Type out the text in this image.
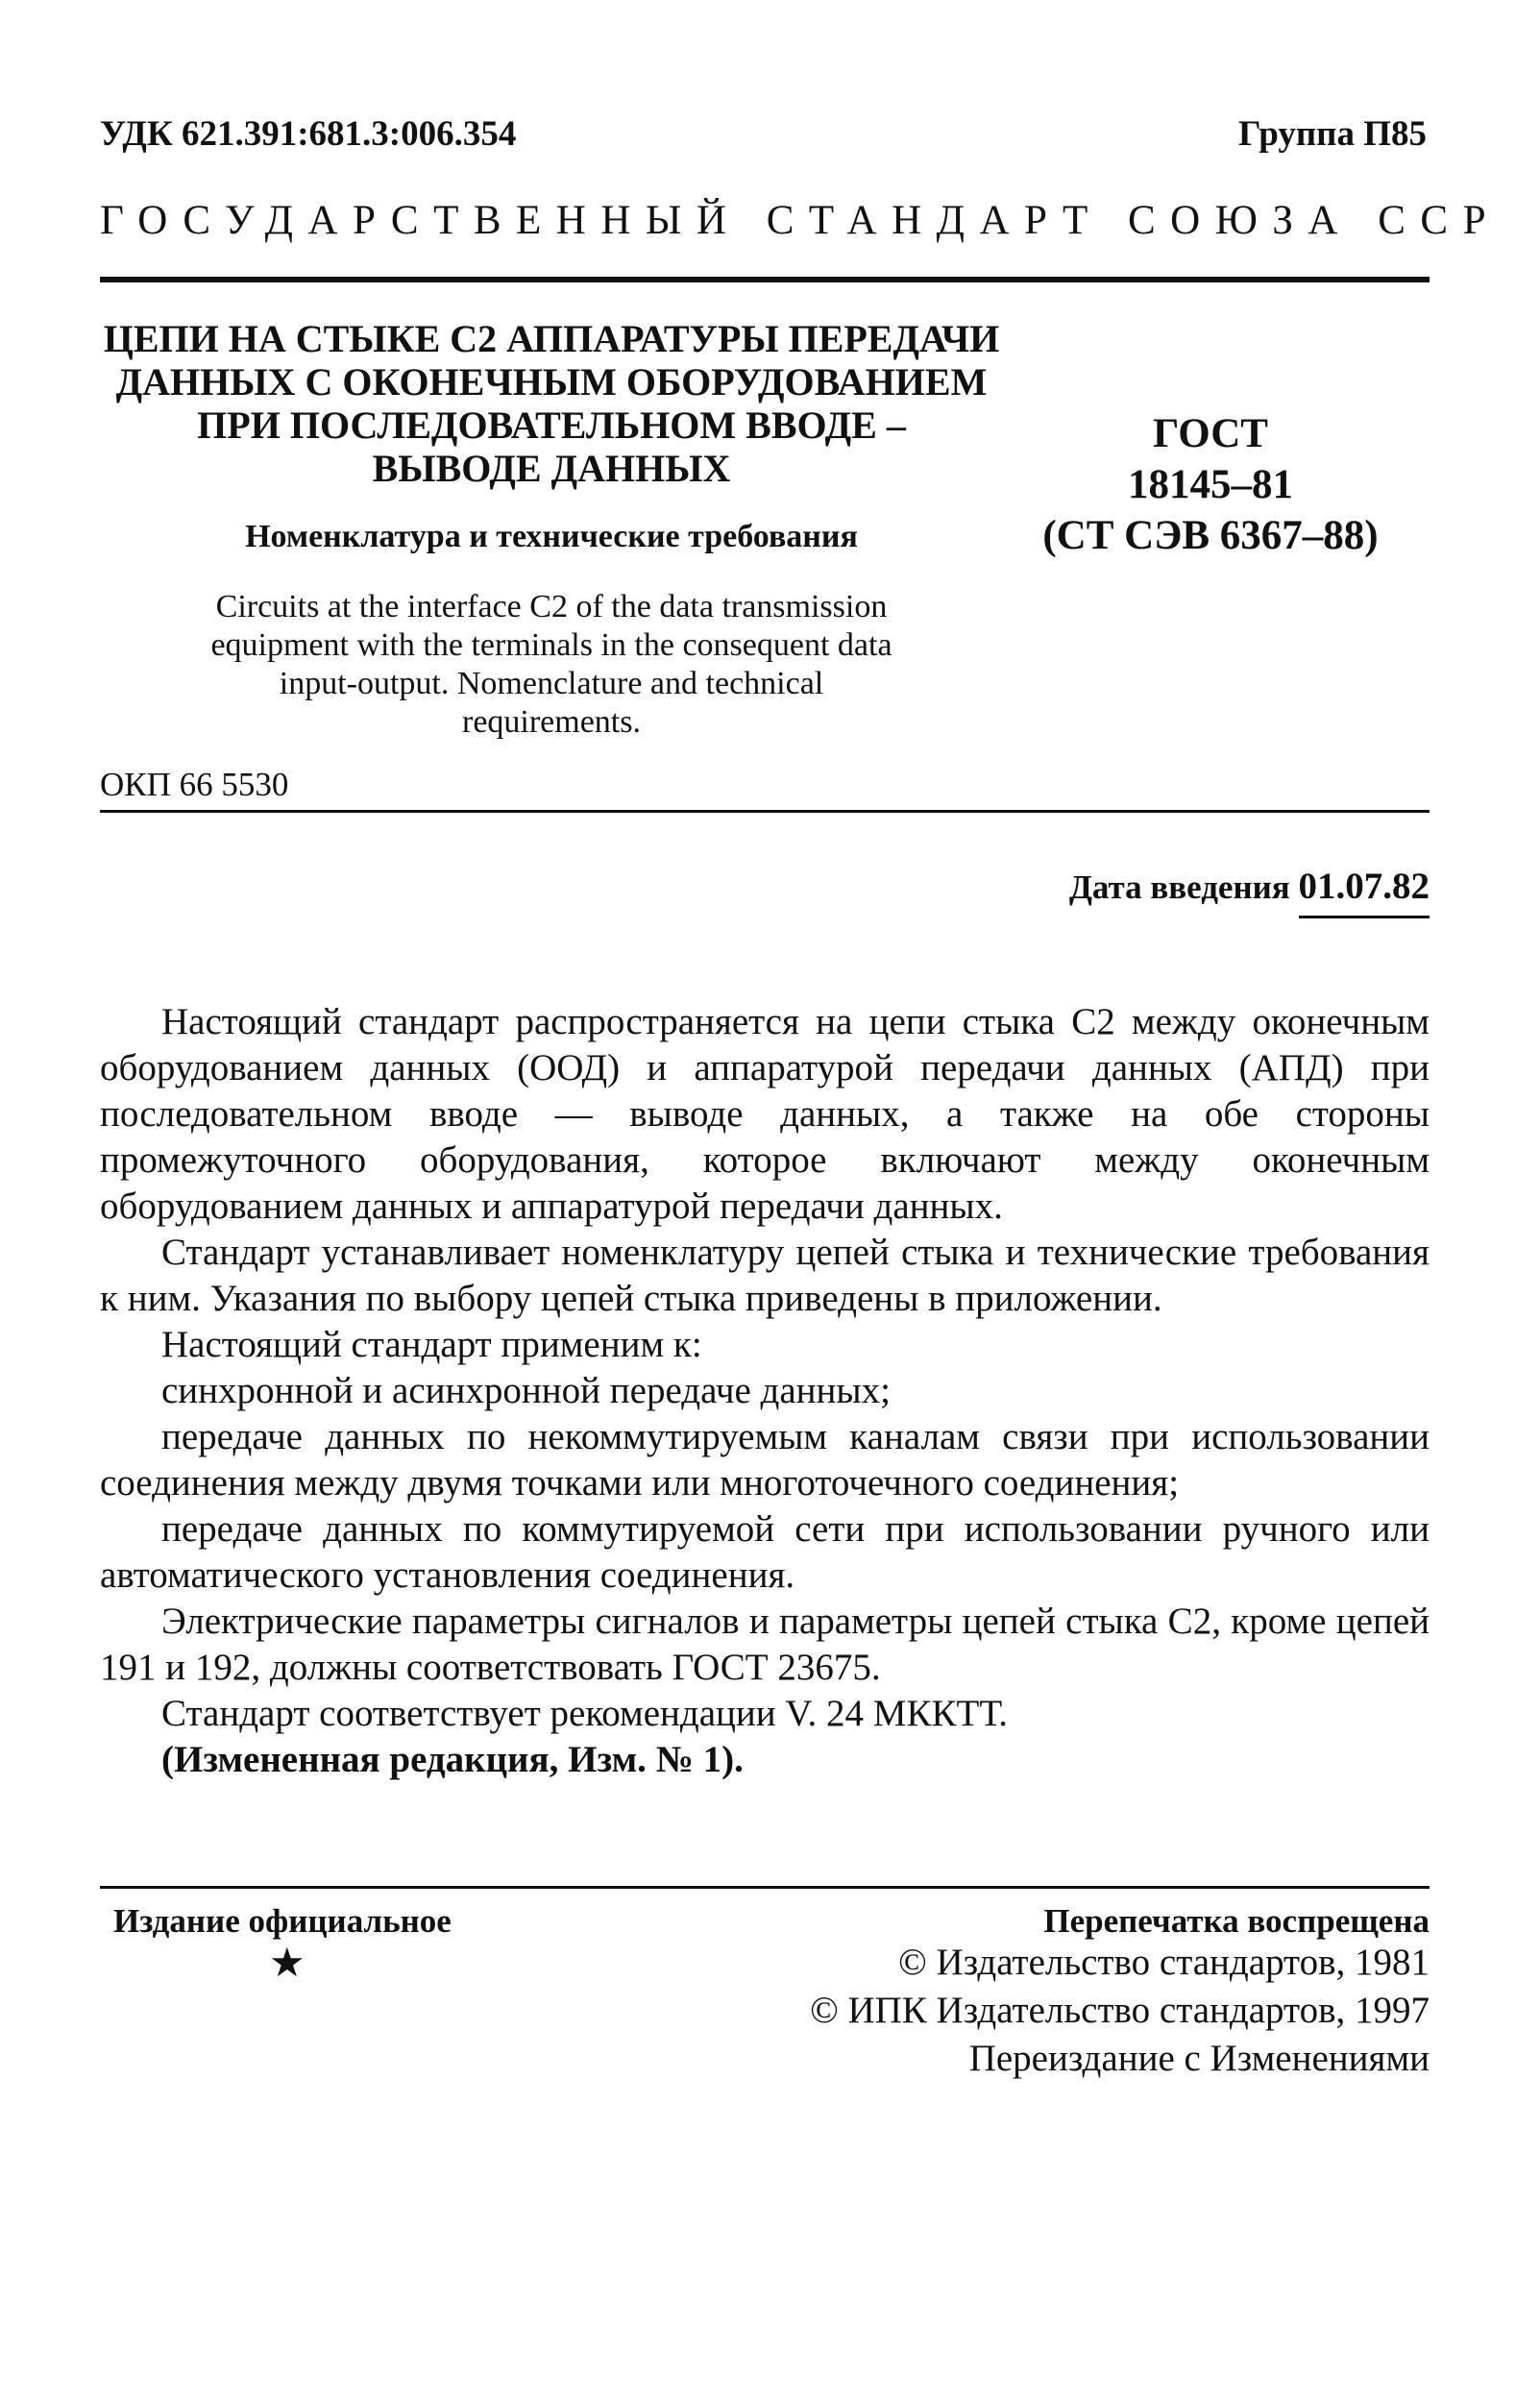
УДК 621.391:681.3:006.354	Группа П85
ГОСУДАРСТВЕННЫЙ СТАНДАРТ СОЮЗА ССР
ЦЕПИ НА СТЫКЕ С2 АППАРАТУРЫ ПЕРЕДАЧИ
ДАННЫХ С ОКОНЕЧНЫМ ОБОРУДОВАНИЕМ
ПРИ ПОСЛЕДОВАТЕЛЬНОМ ВВОДЕ –
ВЫВОДЕ ДАННЫХ
Номенклатура и технические требования
Circuits at the interface C2 of the data transmission
equipment with the terminals in the consequent data
input-output. Nomenclature and technical
requirements.
ГОСТ
18145–81
(СТ СЭВ 6367–88)
ОКП 66 5530
Дата введения 01.07.82

Настоящий стандарт распространяется на цепи стыка С2 между оконечным оборудованием данных (ООД) и аппаратурой передачи данных (АПД) при последовательном вводе — выводе данных, а также на обе стороны промежуточного оборудования, которое включают между оконечным оборудованием данных и аппаратурой передачи данных.

Стандарт устанавливает номенклатуру цепей стыка и технические требования к ним. Указания по выбору цепей стыка приведены в приложении.

Настоящий стандарт применим к:

синхронной и асинхронной передаче данных;

передаче данных по некоммутируемым каналам связи при использовании соединения между двумя точками или многоточечного соединения;

передаче данных по коммутируемой сети при использовании ручного или автоматического установления соединения.

Электрические параметры сигналов и параметры цепей стыка С2, кроме цепей 191 и 192, должны соответствовать ГОСТ 23675.

Стандарт соответствует рекомендации V. 24 МККТТ.

(Измененная редакция, Изм. № 1).

Издание официальное
★
Перепечатка воспрещена
© Издательство стандартов, 1981
© ИПК Издательство стандартов, 1997
Переиздание с Изменениями
